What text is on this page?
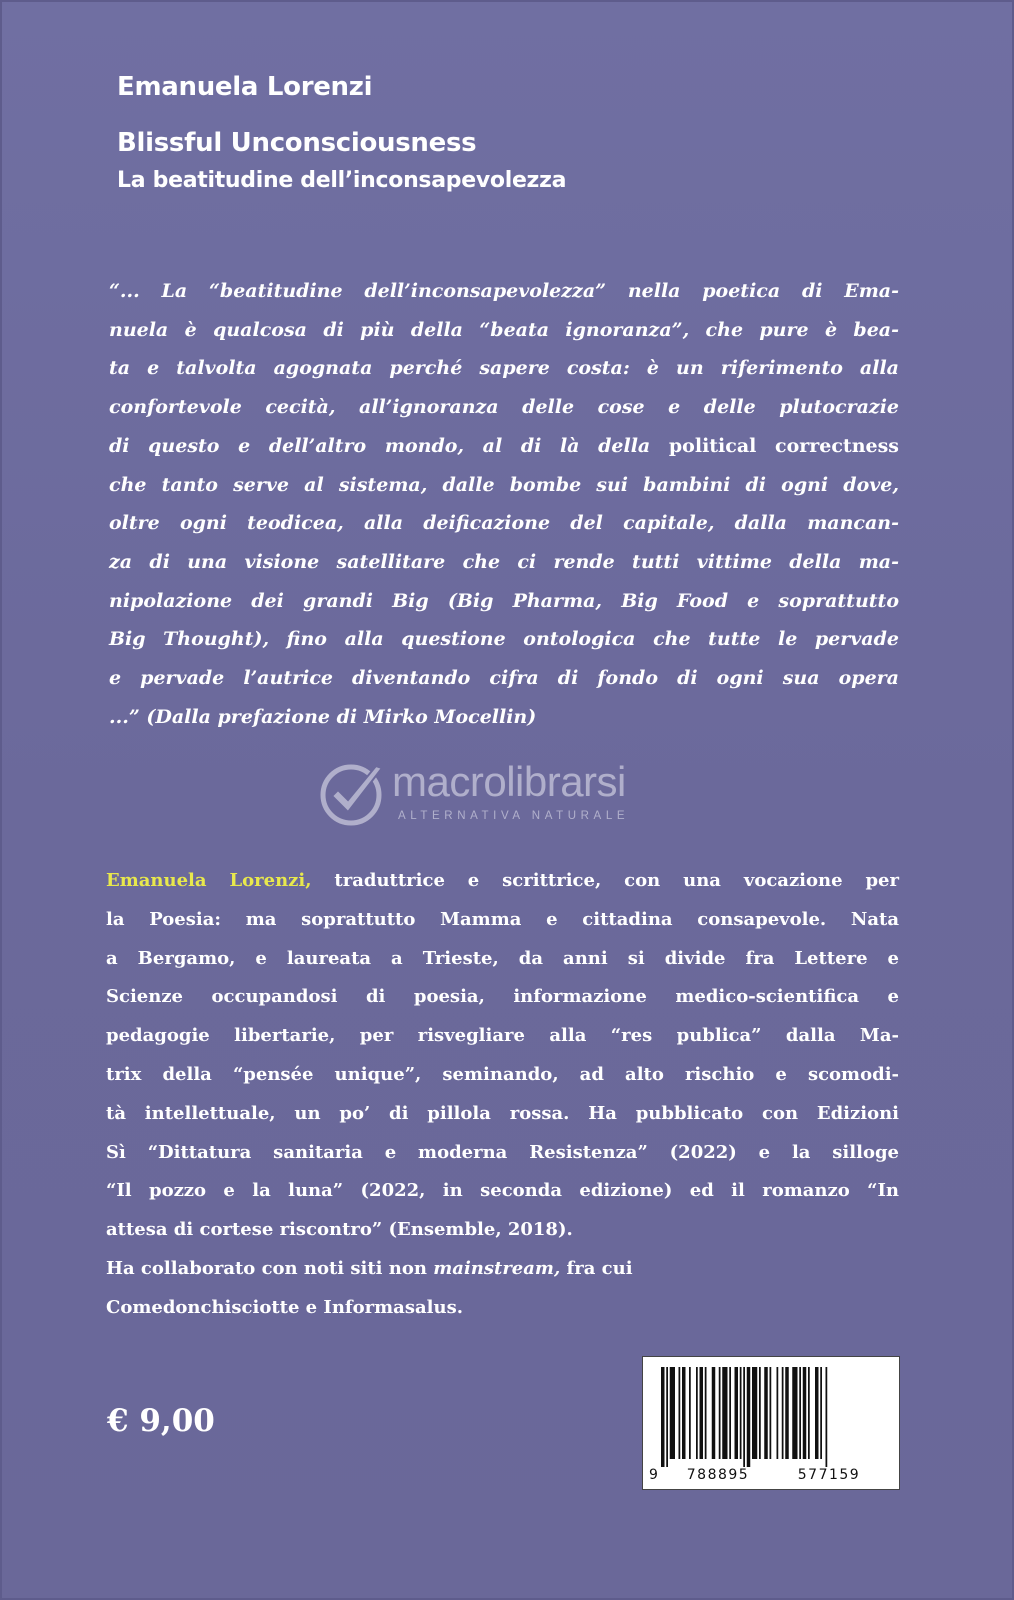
Emanuela Lorenzi
Blissful Unconsciousness
La beatitudine dell’inconsapevolezza
“... La “beatitudine dell’inconsapevolezza” nella poetica di Ema-
nuela è qualcosa di più della “beata ignoranza”, che pure è bea-
ta e talvolta agognata perché sapere costa: è un riferimento alla
confortevole cecità, all’ignoranza delle cose e delle plutocrazie
di questo e dell’altro mondo, al di là della political correctness
che tanto serve al sistema, dalle bombe sui bambini di ogni dove,
oltre ogni teodicea, alla deificazione del capitale, dalla mancan-
za di una visione satellitare che ci rende tutti vittime della ma-
nipolazione dei grandi Big (Big Pharma, Big Food e soprattutto
Big Thought), fino alla questione ontologica che tutte le pervade
e pervade l’autrice diventando cifra di fondo di ogni sua opera
...” (Dalla prefazione di Mirko Mocellin)
macrolibrarsi
ALTERNATIVA NATURALE
Emanuela Lorenzi, traduttrice e scrittrice, con una vocazione per
la Poesia: ma soprattutto Mamma e cittadina consapevole. Nata
a Bergamo, e laureata a Trieste, da anni si divide fra Lettere e
Scienze occupandosi di poesia, informazione medico-scientifica e
pedagogie libertarie, per risvegliare alla “res publica” dalla Ma-
trix della “pensée unique”, seminando, ad alto rischio e scomodi-
tà intellettuale, un po’ di pillola rossa. Ha pubblicato con Edizioni
Sì “Dittatura sanitaria e moderna Resistenza” (2022) e la silloge
“Il pozzo e la luna” (2022, in seconda edizione) ed il romanzo “In
attesa di cortese riscontro” (Ensemble, 2018).
Ha collaborato con noti siti non mainstream, fra cui
Comedonchisciotte e Informasalus.
€ 9,00
9	788895	577159
